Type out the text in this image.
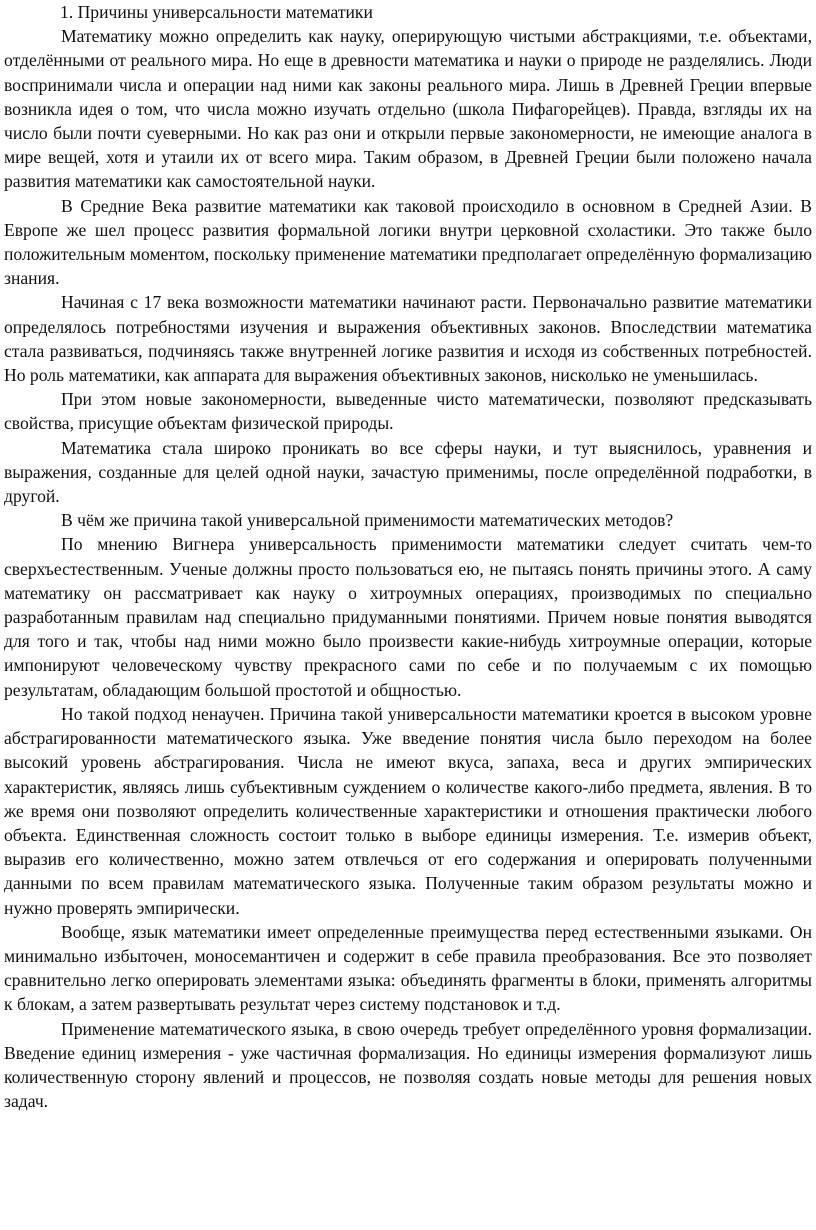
1. Причины универсальности математики

Математику можно определить как науку, оперирующую чистыми абстракциями, т.е. объектами, отделёнными от реального мира. Но еще в древности математика и науки о природе не разделялись. Люди воспринимали числа и операции над ними как законы реального мира. Лишь в Древней Греции впервые возникла идея о том, что числа можно изучать отдельно (школа Пифагорейцев). Правда, взгляды их на число были почти суеверными. Но как раз они и открыли первые закономерности, не имеющие аналога в мире вещей, хотя и утаили их от всего мира. Таким образом, в Древней Греции были положено начала развития математики как самостоятельной науки.

В Средние Века развитие математики как таковой происходило в основном в Средней Азии. В Европе же шел процесс развития формальной логики внутри церковной схоластики. Это также было положительным моментом, поскольку применение математики предполагает определённую формализацию знания.

Начиная с 17 века возможности математики начинают расти. Первоначально развитие математики определялось потребностями изучения и выражения объективных законов. Впоследствии математика стала развиваться, подчиняясь также внутренней логике развития и исходя из собственных потребностей. Но роль математики, как аппарата для выражения объективных законов, нисколько не уменьшилась.

При этом новые закономерности, выведенные чисто математически, позволяют предсказывать свойства, присущие объектам физической природы.

Математика стала широко проникать во все сферы науки, и тут выяснилось, уравнения и выражения, созданные для целей одной науки, зачастую применимы, после определённой подработки, в другой.

В чём же причина такой универсальной применимости математических методов?

По мнению Вигнера универсальность применимости математики следует считать чем-то сверхъестественным. Ученые должны просто пользоваться ею, не пытаясь понять причины этого. А саму математику он рассматривает как науку о хитроумных операциях, производимых по специально разработанным правилам над специально придуманными понятиями. Причем новые понятия выводятся для того и так, чтобы над ними можно было произвести какие-нибудь хитроумные операции, которые импонируют человеческому чувству прекрасного сами по себе и по получаемым с их помощью результатам, обладающим большой простотой и общностью.

Но такой подход ненаучен. Причина такой универсальности математики кроется в высоком уровне абстрагированности математического языка. Уже введение понятия числа было переходом на более высокий уровень абстрагирования. Числа не имеют вкуса, запаха, веса и других эмпирических характеристик, являясь лишь субъективным суждением о количестве какого-либо предмета, явления. В то же время они позволяют определить количественные характеристики и отношения практически любого объекта. Единственная сложность состоит только в выборе единицы измерения. Т.е. измерив объект, выразив его количественно, можно затем отвлечься от его содержания и оперировать полученными данными по всем правилам математического языка. Полученные таким образом результаты можно и нужно проверять эмпирически.

Вообще, язык математики имеет определенные преимущества перед естественными языками. Он минимально избыточен, моносемантичен и содержит в себе правила преобразования. Все это позволяет сравнительно легко оперировать элементами языка: объединять фрагменты в блоки, применять алгоритмы к блокам, а затем развертывать результат через систему подстановок и т.д.

Применение математического языка, в свою очередь требует определённого уровня формализации. Введение единиц измерения - уже частичная формализация. Но единицы измерения формализуют лишь количественную сторону явлений и процессов, не позволяя создать новые методы для решения новых задач.
